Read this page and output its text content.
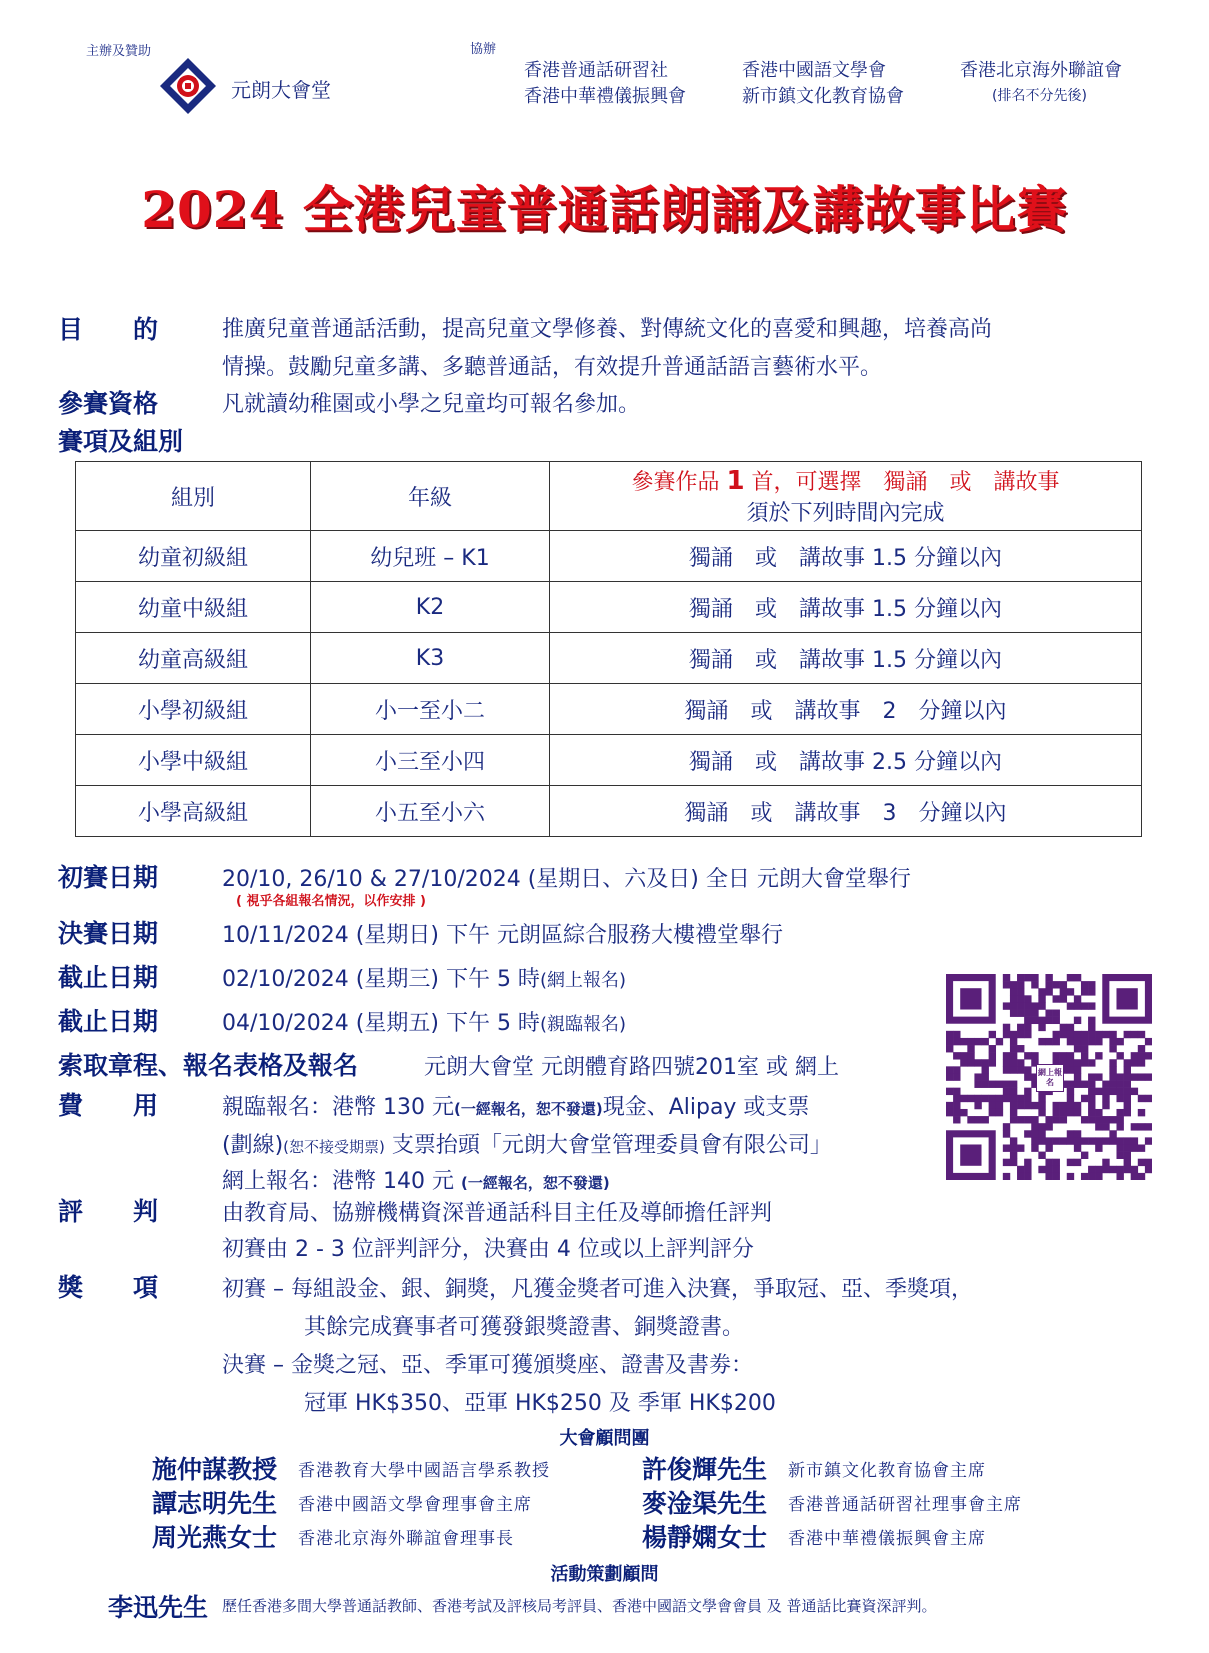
主辦及贊助
元朗大會堂
協辦
香港普通話研習社
香港中華禮儀振興會
香港中國語文學會
新市鎮文化教育協會
香港北京海外聯誼會
(排名不分先後)
2024 全港兒童普通話朗誦及講故事比賽
目　　的	推廣兒童普通話活動，提高兒童文學修養、對傳統文化的喜愛和興趣，培養高尚
情操。鼓勵兒童多講、多聽普通話，有效提升普通話語言藝術水平。
參賽資格	凡就讀幼稚園或小學之兒童均可報名參加。
賽項及組別
組別	年級	參賽作品 1 首，可選擇　獨誦　或　講故事
須於下列時間內完成

幼童初級組	幼兒班 – K1	獨誦　或　講故事 1.5 分鐘以內
幼童中級組	K2	獨誦　或　講故事 1.5 分鐘以內
幼童高級組	K3	獨誦　或　講故事 1.5 分鐘以內
小學初級組	小一至小二	獨誦　或　講故事　2　分鐘以內
小學中級組	小三至小四	獨誦　或　講故事 2.5 分鐘以內
小學高級組	小五至小六	獨誦　或　講故事　3　分鐘以內
初賽日期	20/10, 26/10 & 27/10/2024 (星期日、六及日) 全日 元朗大會堂舉行
( 視乎各組報名情況，以作安排 )
決賽日期	10/11/2024 (星期日) 下午 元朗區綜合服務大樓禮堂舉行
截止日期	02/10/2024 (星期三) 下午 5 時(網上報名)
截止日期	04/10/2024 (星期五) 下午 5 時(親臨報名)
索取章程、報名表格及報名	元朗大會堂 元朗體育路四號201室 或 網上
費　　用	親臨報名：港幣 130 元(一經報名，恕不發還)現金、Alipay 或支票
(劃線)(恕不接受期票) 支票抬頭「元朗大會堂管理委員會有限公司」
網上報名：港幣 140 元 (一經報名，恕不發還)
網上報名
評　　判	由教育局、協辦機構資深普通話科目主任及導師擔任評判
初賽由 2 - 3 位評判評分，決賽由 4 位或以上評判評分
獎　　項	初賽 – 每組設金、銀、銅獎，凡獲金獎者可進入決賽，爭取冠、亞、季獎項，
其餘完成賽事者可獲發銀獎證書、銅獎證書。
決賽 – 金獎之冠、亞、季軍可獲頒獎座、證書及書劵：
冠軍 HK$350、亞軍 HK$250 及 季軍 HK$200
大會顧問團
施仲謀教授 香港教育大學中國語言學系教授
譚志明先生 香港中國語文學會理事會主席
周光燕女士 香港北京海外聯誼會理事長
許俊輝先生 新市鎮文化教育協會主席
麥淦渠先生 香港普通話研習社理事會主席
楊靜嫻女士 香港中華禮儀振興會主席
活動策劃顧問
李迅先生 歷任香港多間大學普通話教師、香港考試及評核局考評員、香港中國語文學會會員 及 普通話比賽資深評判。
